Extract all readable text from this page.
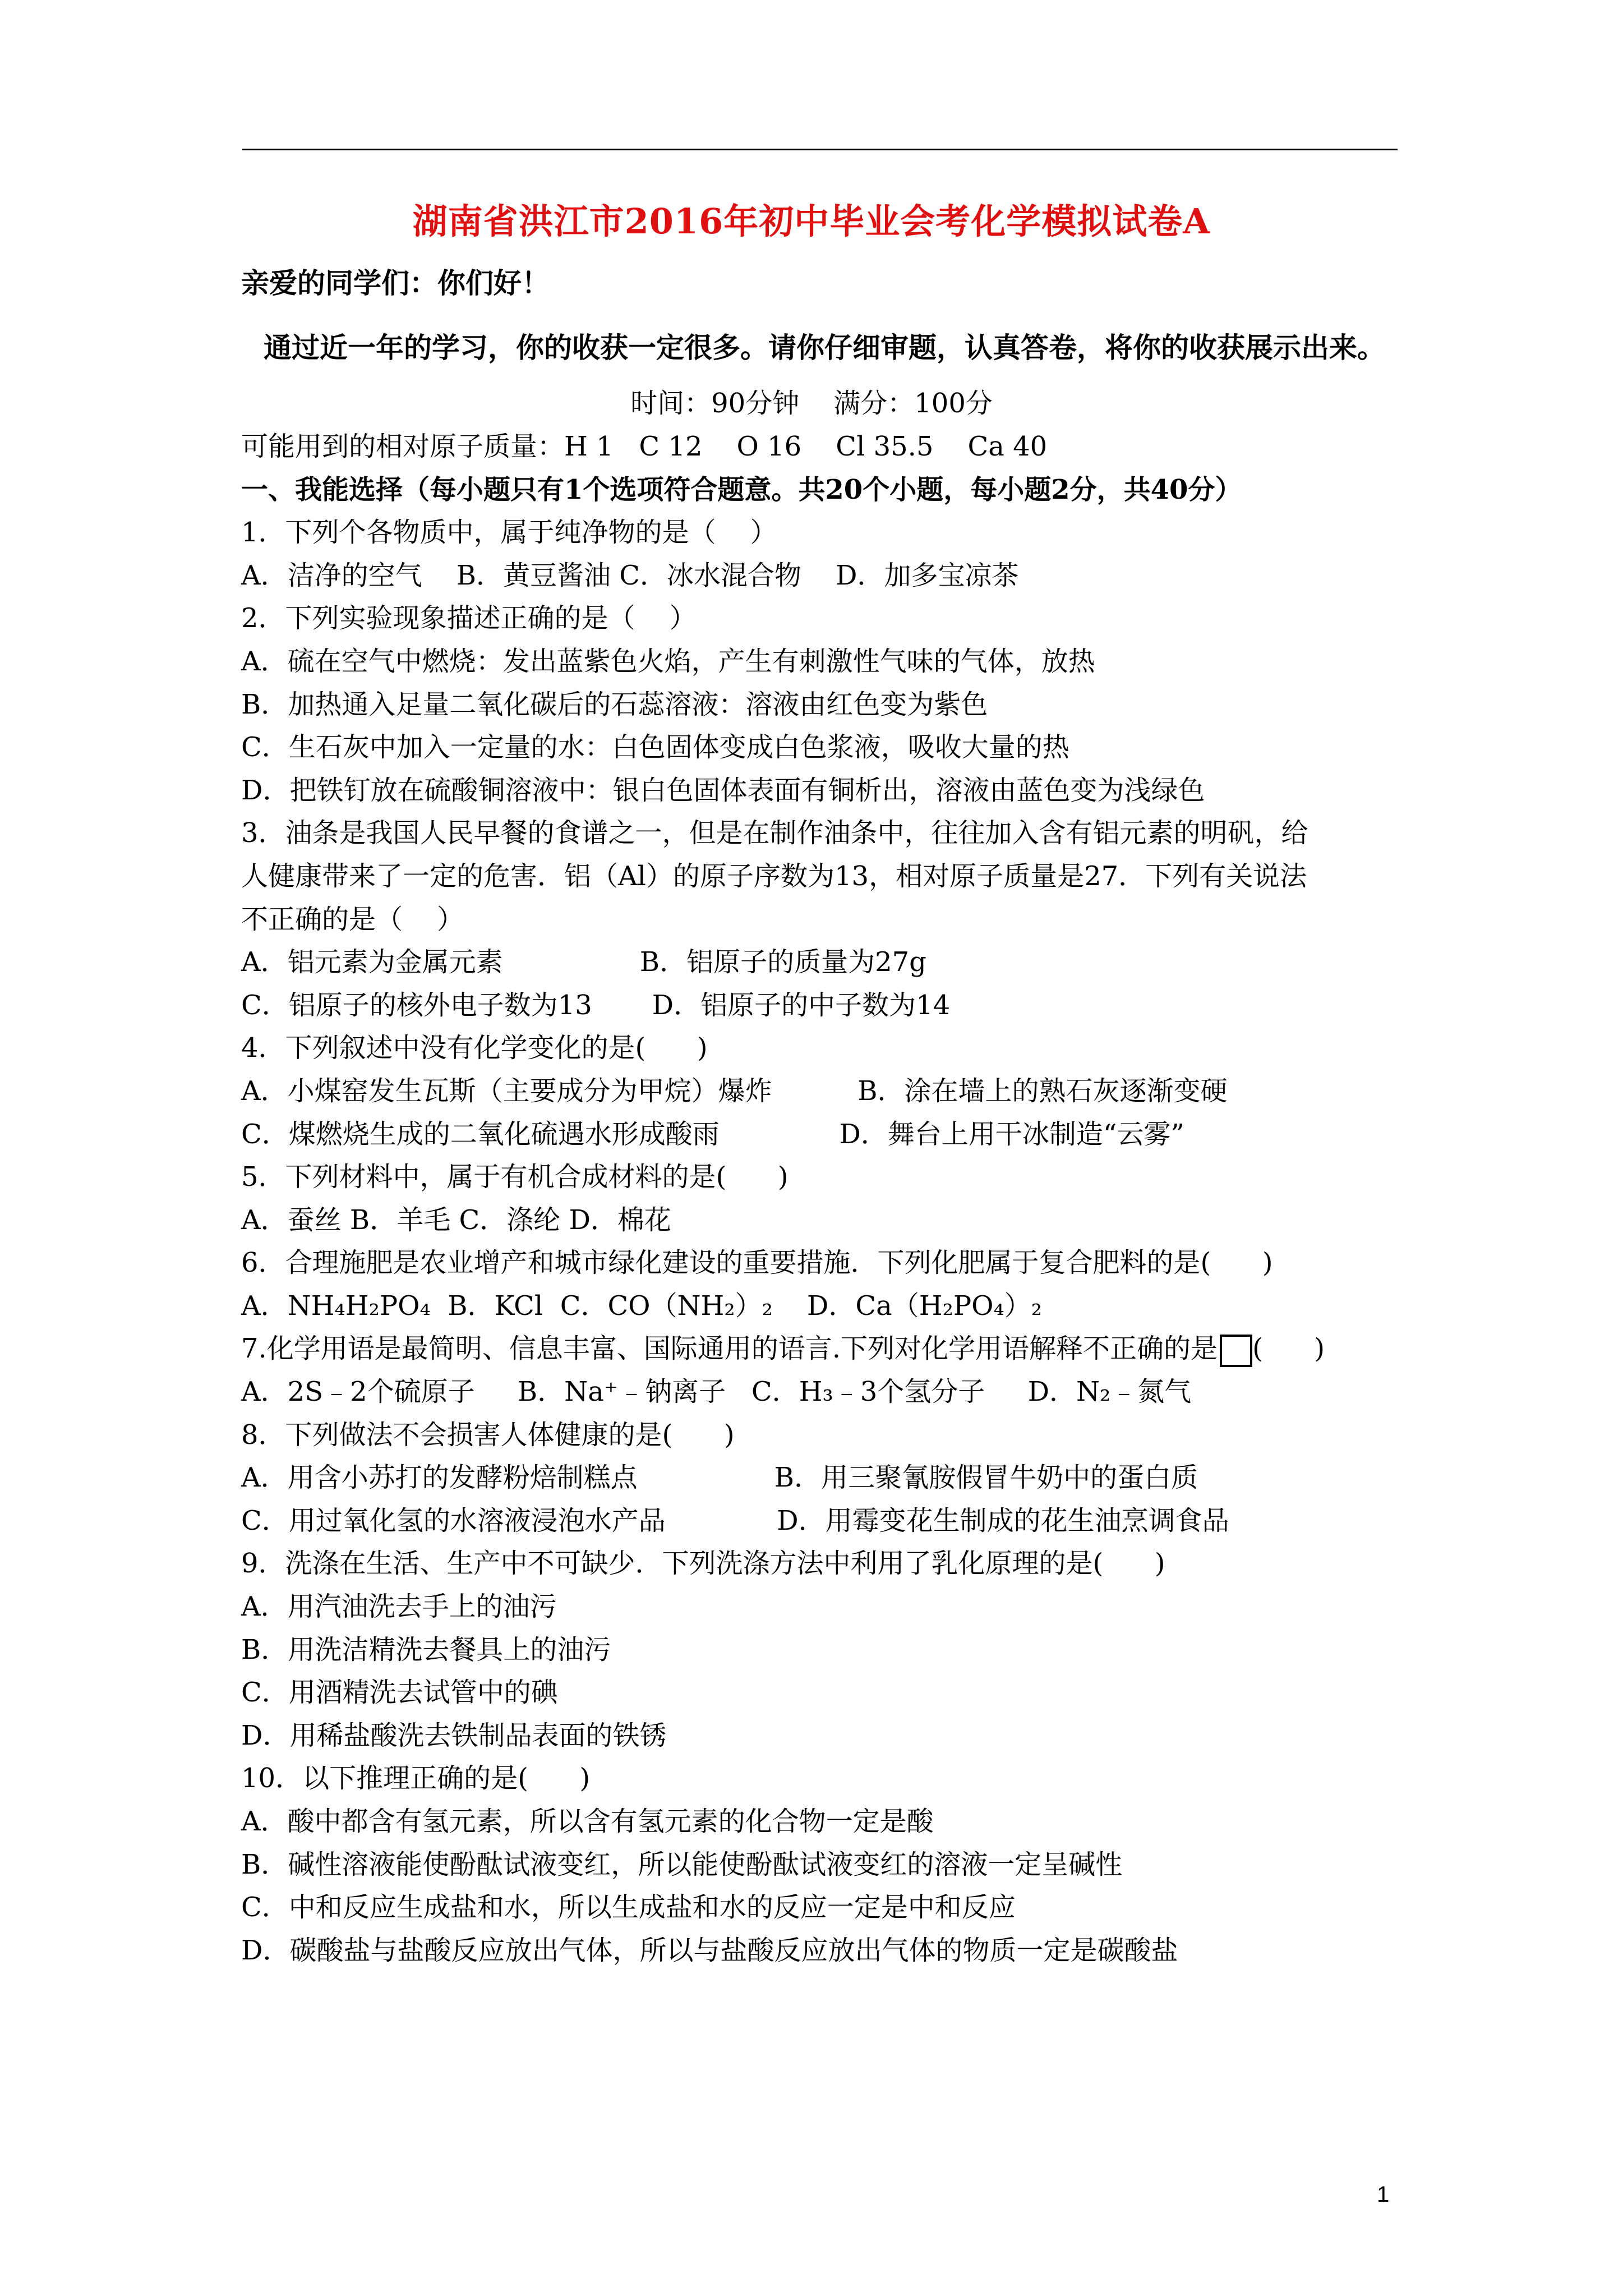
湖南省洪江市2016年初中毕业会考化学模拟试卷A
亲爱的同学们：你们好！
通过近一年的学习，你的收获一定很多。请你仔细审题，认真答卷，将你的收获展示出来。
时间：90分钟    满分：100分
可能用到的相对原子质量：H 1   C 12    O 16    Cl 35.5    Ca 40
一、我能选择（每小题只有1个选项符合题意。共20个小题，每小题2分，共40分）
1．下列个各物质中，属于纯净物的是（    ）
A．洁净的空气    B．黄豆酱油 C．冰水混合物    D．加多宝凉茶
2．下列实验现象描述正确的是（    ）
A．硫在空气中燃烧：发出蓝紫色火焰，产生有刺激性气味的气体，放热
B．加热通入足量二氧化碳后的石蕊溶液：溶液由红色变为紫色
C．生石灰中加入一定量的水：白色固体变成白色浆液，吸收大量的热
D．把铁钉放在硫酸铜溶液中：银白色固体表面有铜析出，溶液由蓝色变为浅绿色
3．油条是我国人民早餐的食谱之一，但是在制作油条中，往往加入含有铝元素的明矾，给
人健康带来了一定的危害．铝（Al）的原子序数为13，相对原子质量是27．下列有关说法
不正确的是（    ）
A．铝元素为金属元素                B．铝原子的质量为27g
C．铝原子的核外电子数为13       D．铝原子的中子数为14
4．下列叙述中没有化学变化的是(      )
A．小煤窑发生瓦斯（主要成分为甲烷）爆炸          B．涂在墙上的熟石灰逐渐变硬
C．煤燃烧生成的二氧化硫遇水形成酸雨              D．舞台上用干冰制造“云雾”
5．下列材料中，属于有机合成材料的是(      )
A．蚕丝 B．羊毛 C．涤纶 D．棉花
6．合理施肥是农业增产和城市绿化建设的重要措施．下列化肥属于复合肥料的是(      )
A．NH₄H₂PO₄  B．KCl  C．CO（NH₂）₂    D．Ca（H₂PO₄）₂
7.化学用语是最简明、信息丰富、国际通用的语言.下列对化学用语解释不正确的是 (      )
A．2S﹣2个硫原子     B．Na⁺﹣钠离子   C．H₃﹣3个氢分子     D．N₂﹣氮气
8．下列做法不会损害人体健康的是(      )
A．用含小苏打的发酵粉焙制糕点                B．用三聚氰胺假冒牛奶中的蛋白质
C．用过氧化氢的水溶液浸泡水产品             D．用霉变花生制成的花生油烹调食品
9．洗涤在生活、生产中不可缺少．下列洗涤方法中利用了乳化原理的是(      )
A．用汽油洗去手上的油污
B．用洗洁精洗去餐具上的油污
C．用酒精洗去试管中的碘
D．用稀盐酸洗去铁制品表面的铁锈
10．以下推理正确的是(      )
A．酸中都含有氢元素，所以含有氢元素的化合物一定是酸
B．碱性溶液能使酚酞试液变红，所以能使酚酞试液变红的溶液一定呈碱性
C．中和反应生成盐和水，所以生成盐和水的反应一定是中和反应
D．碳酸盐与盐酸反应放出气体，所以与盐酸反应放出气体的物质一定是碳酸盐
1
